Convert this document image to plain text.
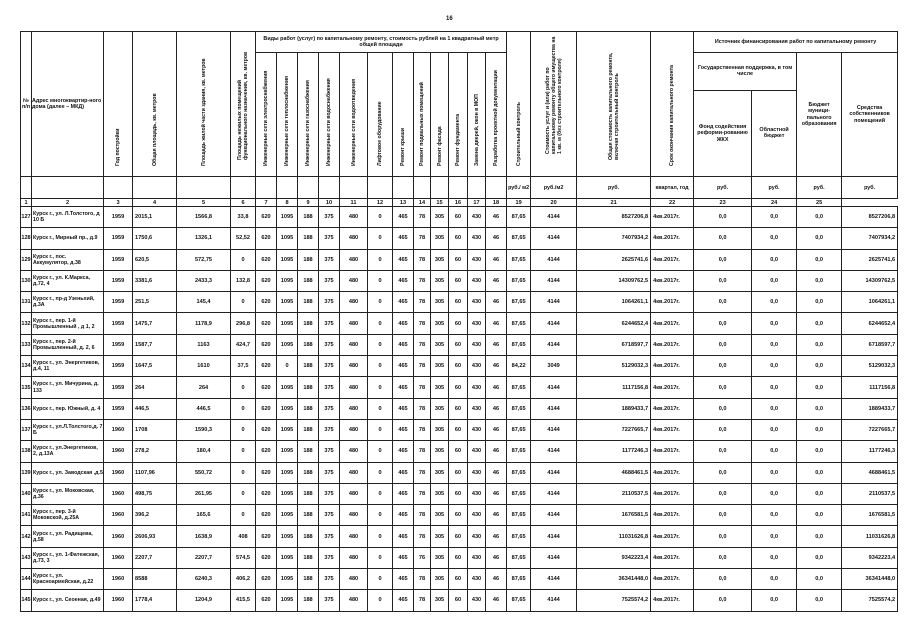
16
№ п/п	Адрес многоквартир-ного дома (далее – МКД)	Год постройки	Общая площадь, кв. метров	Площадь жилой части здания, кв. метров	Площадь нежилых помещений функционального назначения, кв. метров	Виды работ (услуг) по капитальному ремонту, стоимость рублей на 1 квадратный метр общей площади												Строительный контроль	Стоимость услуг и (или) работ по капитальному ремонту общего имущества на 1 кв. м (без строительного контроля)	Общая стоимость капитального ремонта, включая строительный контроль	Срок окончания капитального ремонта	Источник финансирования работ по капитальному ремонту			

						Инженерные сети электроснабжения	Инженерные сети теплоснабжения	Инженерные сети газоснабжения	Инженерные сети водоснабжения	Инженерные сети водоотведения	Лифтовое оборудование	Ремонт крыши	Ремонт подвальных помещений	Ремонт фасада	Ремонт фундамента	Замена дверей, окон в МОП	Разработка проектной документации					Государственная поддержка, в том числе		Бюджет муници-пального образования	Средства собственников помещений
																						Фонд содействия реформи-рованию ЖКХ	Областной бюджет		
																		руб./ м2	руб./м2	руб.	квартал, год	руб.	руб.	руб.	руб.
1	2	3	4	5	6	7	8	9	10	11	12	13	14	15	16	17	18	19	20	21	22	23	24	25	
127	Курск г., ул. Л.Толстого, д 10 Б	1959	2015,1	1566,8	33,8	620	1095	188	375	480	0	465	78	305	60	430	46	87,65	4144	8527206,8	4кв.2017г.	0,0	0,0	0,0	8527206,8
128	Курск г., Мирный пр., д.9	1959	1750,6	1326,1	52,52	620	1095	188	375	480	0	465	78	305	60	430	46	87,65	4144	7407934,2	4кв.2017г.	0,0	0,0	0,0	7407934,2
129	Курск г., пос. Аккумулятор, д.38	1959	620,5	572,75	0	620	1095	188	375	480	0	465	78	305	60	430	46	87,65	4144	2625741,6	4кв.2017г.	0,0	0,0	0,0	2625741,6
130	Курск г., ул. К.Маркса, д.72, 4	1959	3381,6	2433,3	132,8	620	1095	188	375	480	0	465	78	305	60	430	46	87,65	4144	14309762,5	4кв.2017г.	0,0	0,0	0,0	14309762,5
131	Курск г., пр-д Узеньхий, д.3А	1959	251,5	145,4	0	620	1095	188	375	480	0	465	78	305	60	430	46	87,65	4144	1064261,1	4кв.2017г.	0,0	0,0	0,0	1064261,1
132	Курск г., пер. 1-й Промышленный , д 1, 2	1959	1475,7	1178,9	296,8	620	1095	188	375	480	0	465	78	305	60	430	46	87,65	4144	6244652,4	4кв.2017г.	0,0	0,0	0,0	6244652,4
133	Курск г., пер. 2-й Промышленный, д. 2, 6	1959	1587,7	1163	424,7	620	1095	188	375	480	0	465	78	305	60	430	46	87,65	4144	6718597,7	4кв.2017г.	0,0	0,0	0,0	6718597,7
134	Курск г., ул. Энергетиков, д.4, 11	1959	1647,5	1610	37,5	620	0	188	375	480	0	465	78	305	60	430	46	84,22	3049	5129032,3	4кв.2017г.	0,0	0,0	0,0	5129032,3
135	Курск г., ул. Мичурина, д. 133	1959	264	264	0	620	1095	188	375	480	0	465	78	305	60	430	46	87,65	4144	1117156,8	4кв.2017г.	0,0	0,0	0,0	1117156,8
136	Курск г., пер. Южный, д. 4	1959	446,5	446,5	0	620	1095	188	375	480	0	465	78	305	60	430	46	87,65	4144	1889433,7	4кв.2017г.	0,0	0,0	0,0	1889433,7
137	Курск г., ул.Л.Толстого,д. 7 Б	1960	1708	1590,3	0	620	1095	188	375	480	0	465	78	305	60	430	46	87,65	4144	7227665,7	4кв.2017г.	0,0	0,0	0,0	7227665,7
138	Курск г., ул.Энергетиков, 2, д.13А	1960	278,2	180,4	0	620	1095	188	375	480	0	465	78	305	60	430	46	87,65	4144	1177246,3	4кв.2017г.	0,0	0,0	0,0	1177246,3
139	Курск г., ул. Заводская ,д.5	1960	1107,96	550,72	0	620	1095	188	375	480	0	465	78	305	60	430	46	87,65	4144	4688461,5	4кв.2017г.	0,0	0,0	0,0	4688461,5
140	Курск г., ул. Моковская, д.36	1960	498,75	261,95	0	620	1095	188	375	480	0	465	78	305	60	430	46	87,65	4144	2110537,5	4кв.2017г.	0,0	0,0	0,0	2110537,5
141	Курск г., пер. 3-й Моковской, д.25А	1960	396,2	165,6	0	620	1095	188	375	480	0	465	78	305	60	430	46	87,65	4144	1676581,5	4кв.2017г.	0,0	0,0	0,0	1676581,5
142	Курск г., ул. Радищева, д.58	1960	2606,93	1638,9	408	620	1095	188	375	480	0	465	78	305	60	430	46	87,65	4144	11031626,8	4кв.2017г.	0,0	0,0	0,0	11031626,8
143	Курск г., ул. 1-Фатежская, д.73, 3	1960	2207,7	2207,7	574,5	620	1095	188	375	480	0	465	76	305	60	430	46	87,65	4144	9342223,4	4кв.2017г.	0,0	0,0	0,0	9342223,4
144	Курск г., ул. Красноармейская, д.22	1960	8588	6240,3	406,2	620	1095	188	375	480	0	465	78	305	60	430	46	87,65	4144	36341448,0	4кв.2017г.	0,0	0,0	0,0	36341448,0
145	Курск г., ул. Сеоеная, д.49	1960	1778,4	1204,9	415,5	620	1095	188	375	480	0	465	78	305	60	430	46	87,65	4144	7525574,2	4кв.2017г.	0,0	0,0	0,0	7525574,2
